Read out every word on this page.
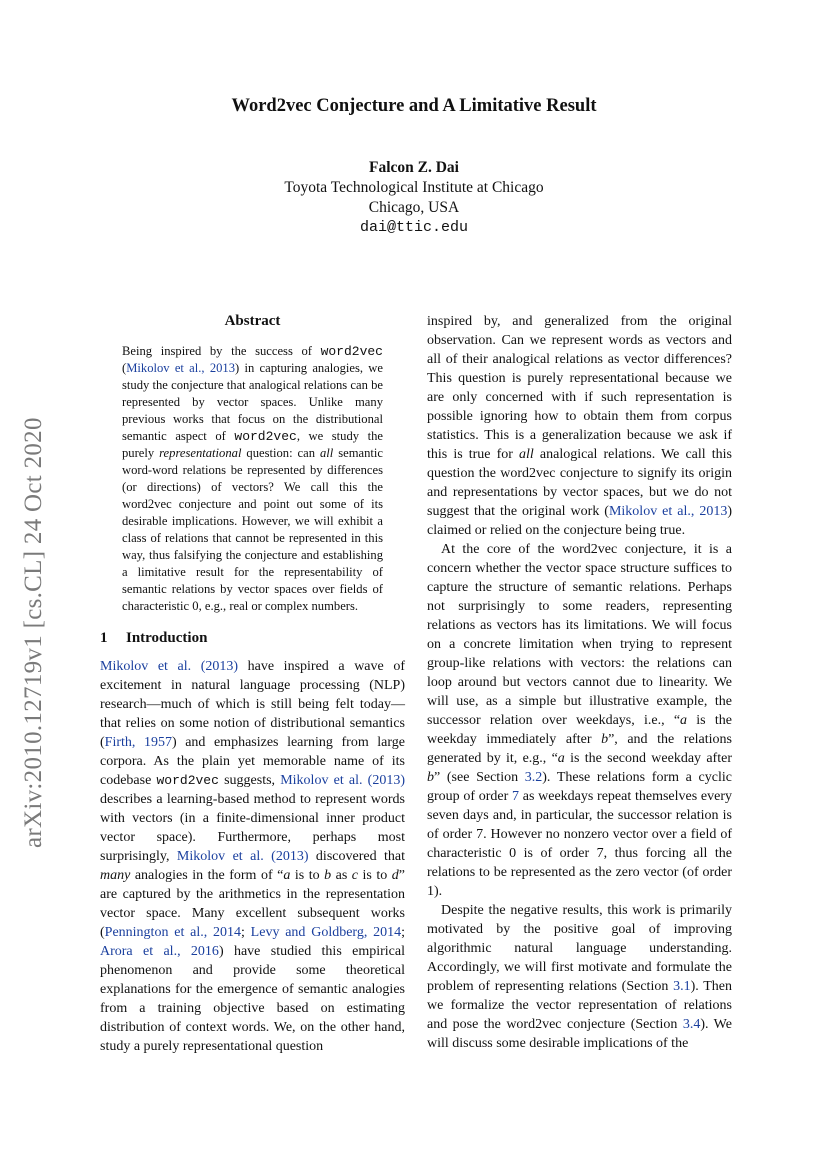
arXiv:2010.12719v1 [cs.CL] 24 Oct 2020
Word2vec Conjecture and A Limitative Result
Falcon Z. Dai
Toyota Technological Institute at Chicago
Chicago, USA
dai@ttic.edu
Abstract

Being inspired by the success of word2vec (Mikolov et al., 2013) in capturing analogies, we study the conjecture that analogical relations can be represented by vector spaces. Unlike many previous works that focus on the distributional semantic aspect of word2vec, we study the purely representational question: can all semantic word-word relations be represented by differences (or directions) of vectors? We call this the word2vec conjecture and point out some of its desirable implications. However, we will exhibit a class of relations that cannot be represented in this way, thus falsifying the conjecture and establishing a limitative result for the representability of semantic relations by vector spaces over fields of characteristic 0, e.g., real or complex numbers.

1 Introduction

Mikolov et al. (2013) have inspired a wave of excitement in natural language processing (NLP) research—much of which is still being felt today—that relies on some notion of distributional semantics (Firth, 1957) and emphasizes learning from large corpora. As the plain yet memorable name of its codebase word2vec suggests, Mikolov et al. (2013) describes a learning-based method to represent words with vectors (in a finite-dimensional inner product vector space). Furthermore, perhaps most surprisingly, Mikolov et al. (2013) discovered that many analogies in the form of “a is to b as c is to d” are captured by the arithmetics in the representation vector space. Many excellent subsequent works (Pennington et al., 2014; Levy and Goldberg, 2014; Arora et al., 2016) have studied this empirical phenomenon and provide some theoretical explanations for the emergence of semantic analogies from a training objective based on estimating distribution of context words. We, on the other hand, study a purely representational question

inspired by, and generalized from the original observation. Can we represent words as vectors and all of their analogical relations as vector differences? This question is purely representational because we are only concerned with if such representation is possible ignoring how to obtain them from corpus statistics. This is a generalization because we ask if this is true for all analogical relations. We call this question the word2vec conjecture to signify its origin and representations by vector spaces, but we do not suggest that the original work (Mikolov et al., 2013) claimed or relied on the conjecture being true.

At the core of the word2vec conjecture, it is a concern whether the vector space structure suffices to capture the structure of semantic relations. Perhaps not surprisingly to some readers, representing relations as vectors has its limitations. We will focus on a concrete limitation when trying to represent group-like relations with vectors: the relations can loop around but vectors cannot due to linearity. We will use, as a simple but illustrative example, the successor relation over weekdays, i.e., “a is the weekday immediately after b”, and the relations generated by it, e.g., “a is the second weekday after b” (see Section 3.2). These relations form a cyclic group of order 7 as weekdays repeat themselves every seven days and, in particular, the successor relation is of order 7. However no nonzero vector over a field of characteristic 0 is of order 7, thus forcing all the relations to be represented as the zero vector (of order 1).

Despite the negative results, this work is primarily motivated by the positive goal of improving algorithmic natural language understanding. Accordingly, we will first motivate and formulate the problem of representing relations (Section 3.1). Then we formalize the vector representation of relations and pose the word2vec conjecture (Section 3.4). We will discuss some desirable implications of the
